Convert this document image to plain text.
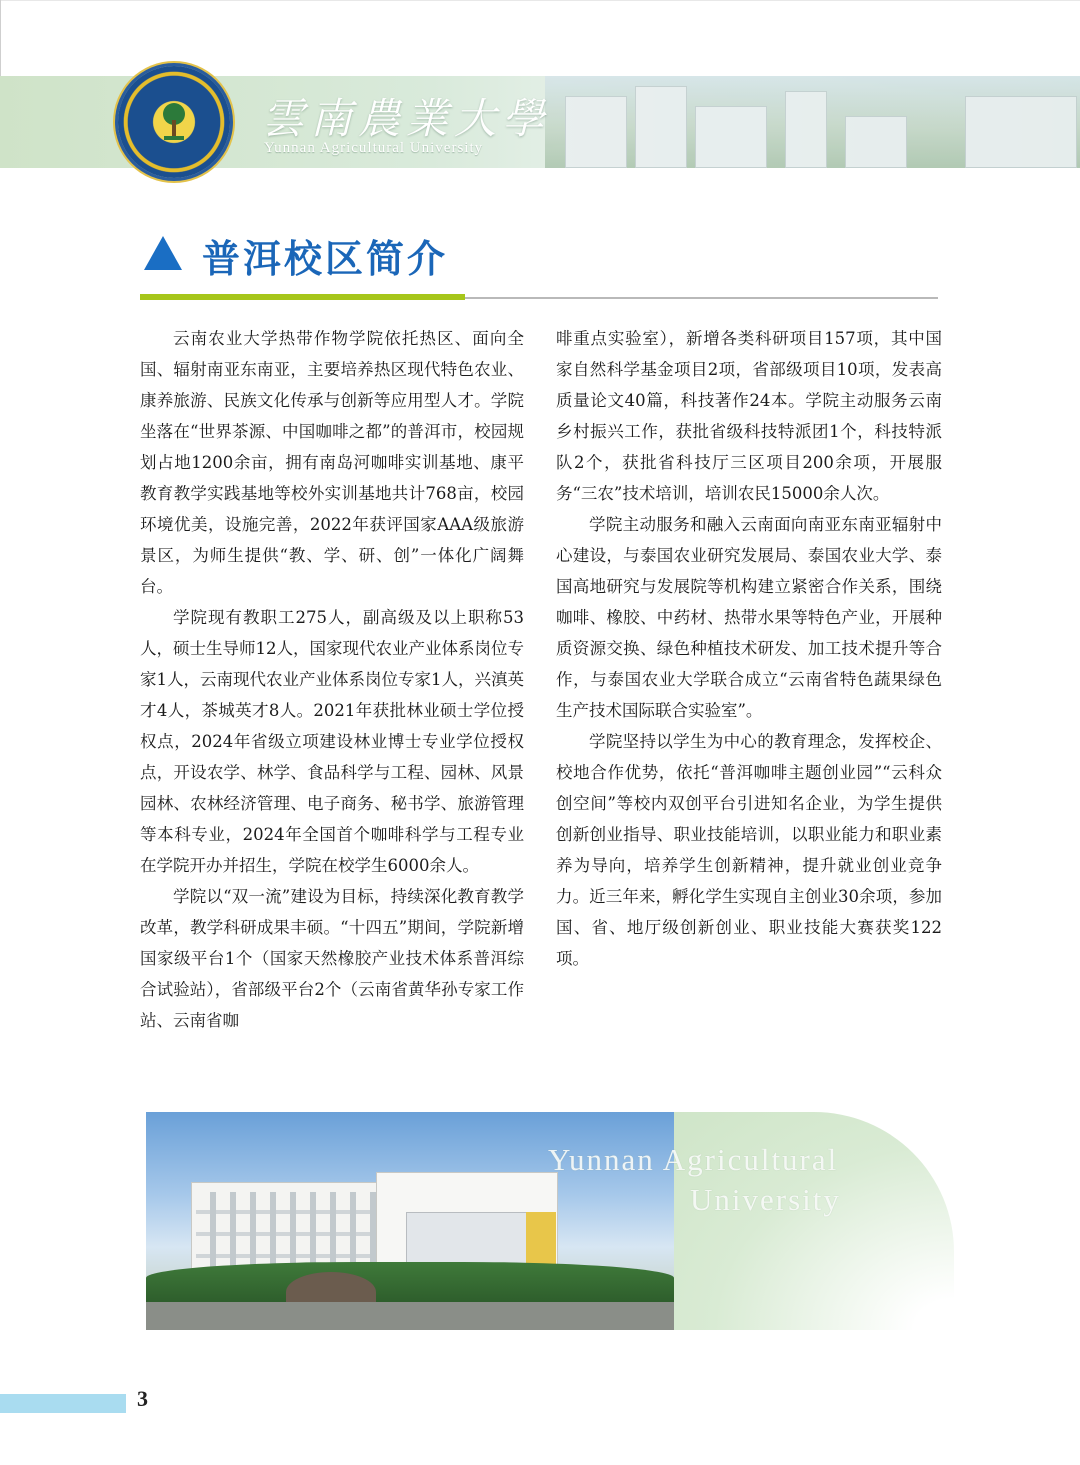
雲南農業大學
Yunnan Agricultural University
普洱校区简介

云南农业大学热带作物学院依托热区、面向全国、辐射南亚东南亚，主要培养热区现代特色农业、康养旅游、民族文化传承与创新等应用型人才。学院坐落在“世界茶源、中国咖啡之都”的普洱市，校园规划占地1200余亩，拥有南岛河咖啡实训基地、康平教育教学实践基地等校外实训基地共计768亩，校园环境优美，设施完善，2022年获评国家AAA级旅游景区，为师生提供“教、学、研、创”一体化广阔舞台。

学院现有教职工275人，副高级及以上职称53人，硕士生导师12人，国家现代农业产业体系岗位专家1人，云南现代农业产业体系岗位专家1人，兴滇英才4人，茶城英才8人。2021年获批林业硕士学位授权点，2024年省级立项建设林业博士专业学位授权点，开设农学、林学、食品科学与工程、园林、风景园林、农林经济管理、电子商务、秘书学、旅游管理等本科专业，2024年全国首个咖啡科学与工程专业在学院开办并招生，学院在校学生6000余人。

学院以“双一流”建设为目标，持续深化教育教学改革，教学科研成果丰硕。“十四五”期间，学院新增国家级平台1个（国家天然橡胶产业技术体系普洱综合试验站），省部级平台2个（云南省黄华孙专家工作站、云南省咖

啡重点实验室），新增各类科研项目157项，其中国家自然科学基金项目2项，省部级项目10项，发表高质量论文40篇，科技著作24本。学院主动服务云南乡村振兴工作，获批省级科技特派团1个，科技特派队2个，获批省科技厅三区项目200余项，开展服务“三农”技术培训，培训农民15000余人次。

学院主动服务和融入云南面向南亚东南亚辐射中心建设，与泰国农业研究发展局、泰国农业大学、泰国高地研究与发展院等机构建立紧密合作关系，围绕咖啡、橡胶、中药材、热带水果等特色产业，开展种质资源交换、绿色种植技术研发、加工技术提升等合作，与泰国农业大学联合成立“云南省特色蔬果绿色生产技术国际联合实验室”。

学院坚持以学生为中心的教育理念，发挥校企、校地合作优势，依托“普洱咖啡主题创业园”“云科众创空间”等校内双创平台引进知名企业，为学生提供创新创业指导、职业技能培训，以职业能力和职业素养为导向，培养学生创新精神，提升就业创业竞争力。近三年来，孵化学生实现自主创业30余项，参加国、省、地厅级创新创业、职业技能大赛获奖122项。

Yunnan Agricultural
University
3
